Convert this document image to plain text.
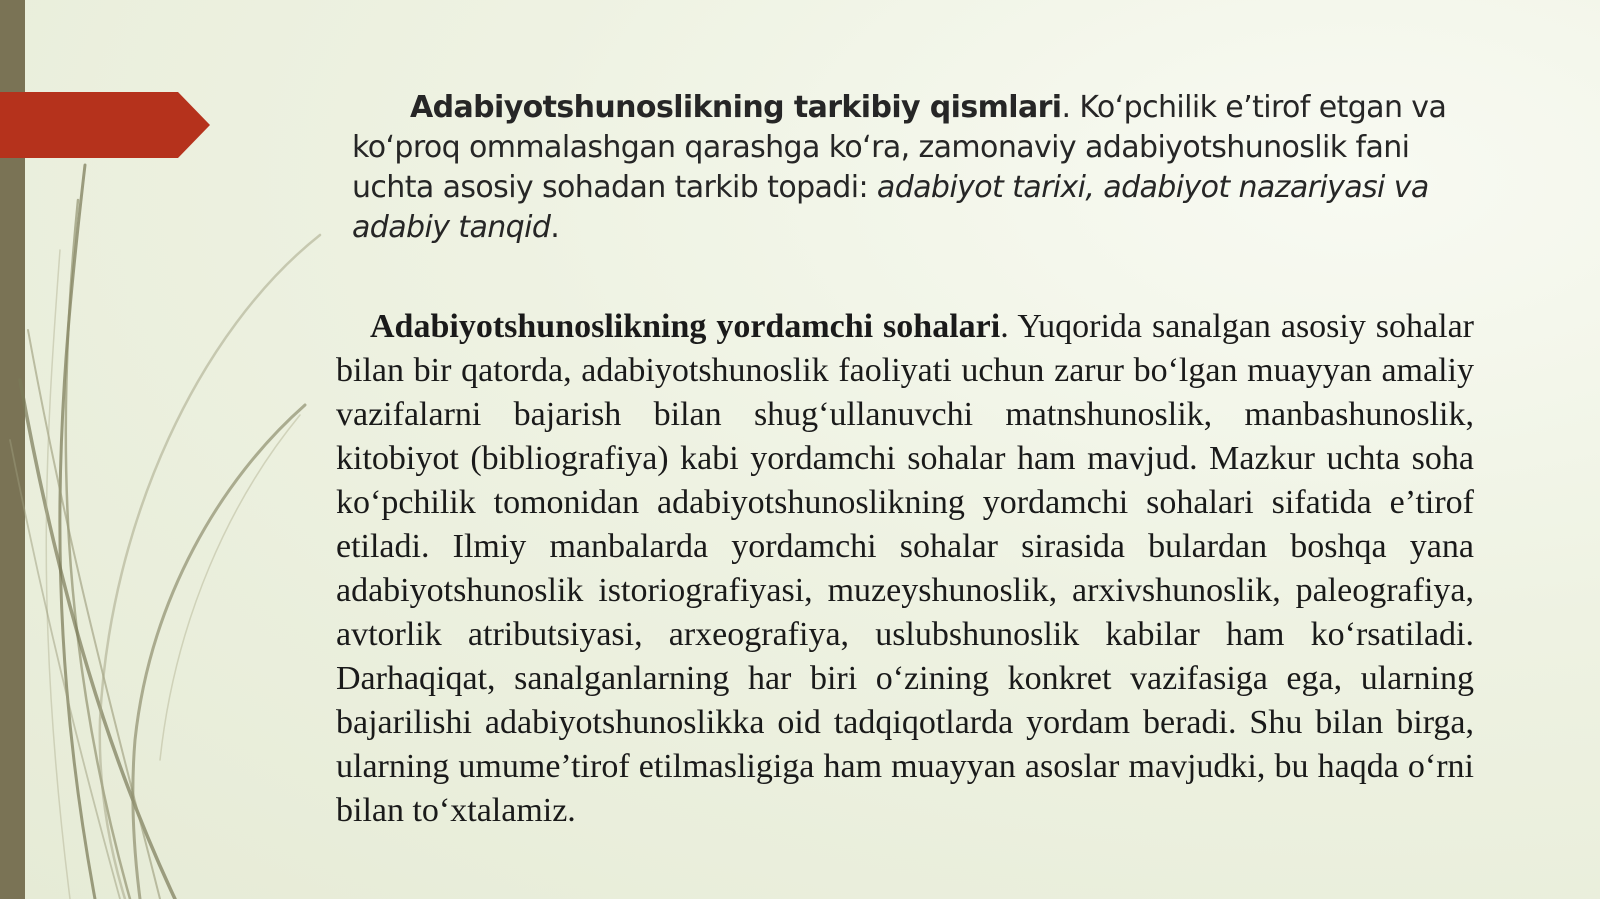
Adabiyotshunoslikning tarkibiy qismlari. Ko‘pchilik e’tirof etgan va ko‘proq ommalashgan qarashga ko‘ra, zamonaviy adabiyotshunoslik fani uchta asosiy sohadan tarkib topadi: adabiyot tarixi, adabiyot nazariyasi va adabiy tanqid.
Adabiyotshunoslikning yordamchi sohalari. Yuqorida sanalgan asosiy sohalar bilan bir qatorda, adabiyotshunoslik faoliyati uchun zarur bo‘lgan muayyan amaliy vazifalarni bajarish bilan shug‘ullanuvchi matnshunoslik, manbashunoslik, kitobiyot (bibliografiya) kabi yordamchi sohalar ham mavjud. Mazkur uchta soha ko‘pchilik tomonidan adabiyotshunoslikning yordamchi sohalari sifatida e’tirof etiladi. Ilmiy manbalarda yordamchi sohalar sirasida bulardan boshqa yana adabiyotshunoslik istoriografiyasi, muzeyshunoslik, arxivshunoslik, paleografiya, avtorlik atributsiyasi, arxeografiya, uslubshunoslik kabilar ham ko‘rsatiladi. Darhaqiqat, sanalganlarning har biri o‘zining konkret vazifasiga ega, ularning bajarilishi adabiyotshunoslikka oid tadqiqotlarda yordam beradi. Shu bilan birga, ularning umume’tirof etilmasligiga ham muayyan asoslar mavjudki, bu haqda o‘rni bilan to‘xtalamiz.
